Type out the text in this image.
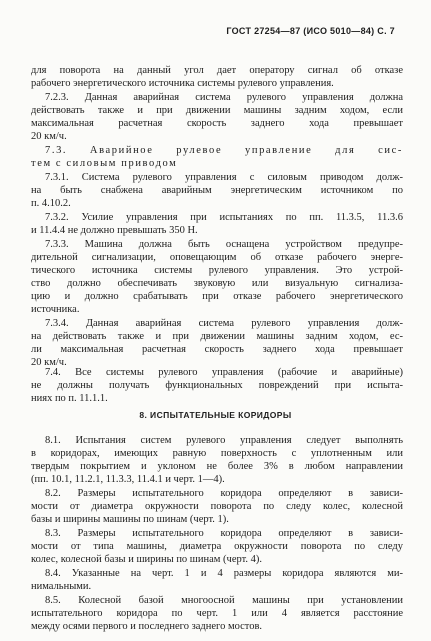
ГОСТ 27254—87 (ИСО 5010—84) С. 7
для поворота на данный угол дает оператору сигнал об отказе
рабочего энергетического источника системы рулевого управления.
7.2.3. Данная аварийная система рулевого управления должна
действовать также и при движении машины задним ходом, если
максимальная расчетная скорость заднего хода превышает
20 км/ч.
7.3. Аварийное рулевое управление для сис-
тем с силовым приводом
7.3.1. Система рулевого управления с силовым приводом долж-
на быть снабжена аварийным энергетическим источником по
п. 4.10.2.
7.3.2. Усилие управления при испытаниях по пп. 11.3.5, 11.3.6
и 11.4.4 не должно превышать 350 Н.
7.3.3. Машина должна быть оснащена устройством предупре-
дительной сигнализации, оповещающим об отказе рабочего энерге-
тического источника системы рулевого управления. Это устрой-
ство должно обеспечивать звуковую или визуальную сигнализа-
цию и должно срабатывать при отказе рабочего энергетического
источника.
7.3.4. Данная аварийная система рулевого управления долж-
на действовать также и при движении машины задним ходом, ес-
ли максимальная расчетная скорость заднего хода превышает
20 км/ч.
8. ИСПЫТАТЕЛЬНЫЕ КОРИДОРЫ
8.1. Испытания систем рулевого управления следует выполнять
в коридорах, имеющих равную поверхность с уплотненным или
твердым покрытием и уклоном не более 3% в любом направлении
(пп. 10.1, 11.2.1, 11.3.3, 11.4.1 и черт. 1—4).
8.2. Размеры испытательного коридора определяют в зависи-
мости от диаметра окружности поворота по следу колес, колесной
базы и ширины машины по шинам (черт. 1).
8.3. Размеры испытательного коридора определяют в зависи-
мости от типа машины, диаметра окружности поворота по следу
колес, колесной базы и ширины по шинам (черт. 4).
8.4. Указанные на черт. 1 и 4 размеры коридора являются ми-
нимальными.
8.5. Колесной базой многоосной машины при установлении
испытательного коридора по черт. 1 или 4 является расстояние
между осями первого и последнего заднего мостов.
7.4. Все системы рулевого управления (рабочие и аварийные)
не должны получать функциональных повреждений при испыта-
ниях по п. 11.1.1.
